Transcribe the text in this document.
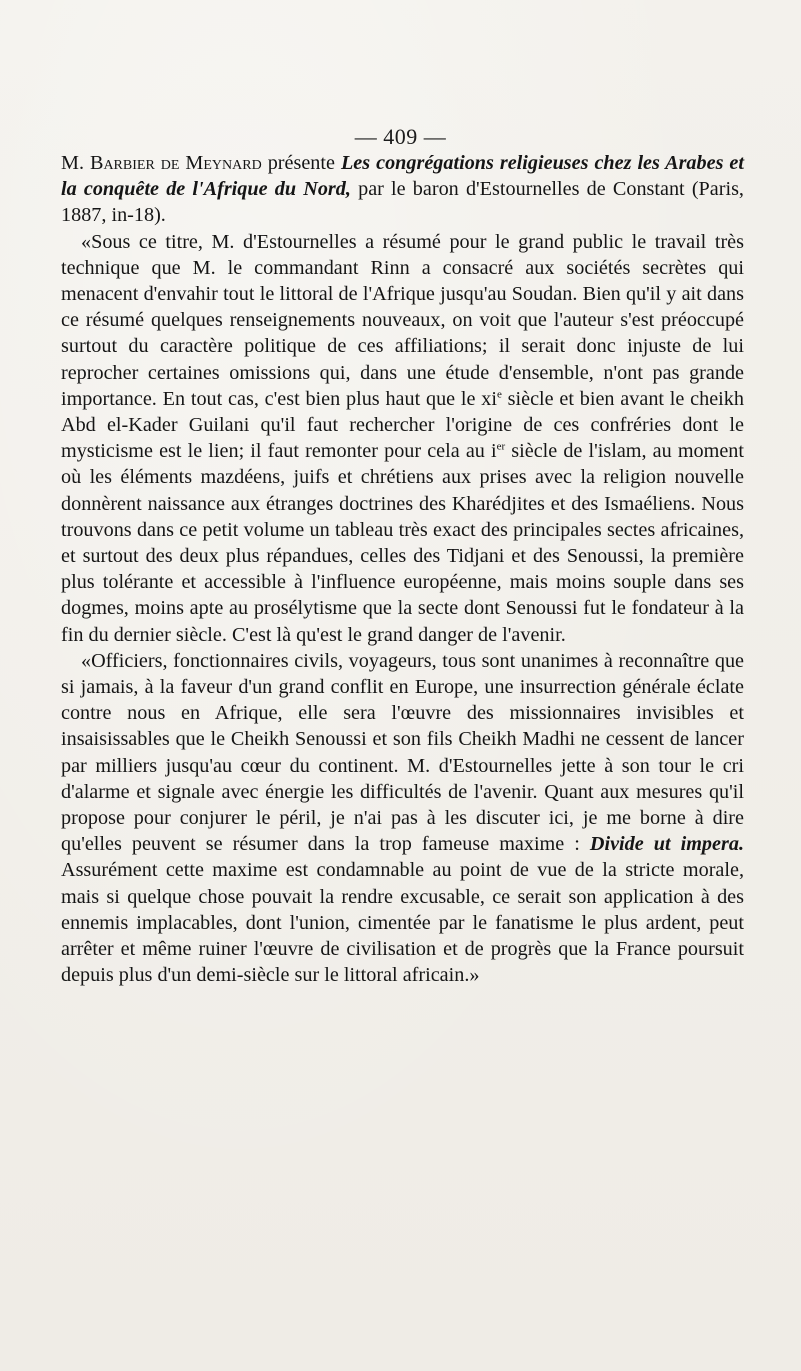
— 409 —

M. Barbier de Meynard présente Les congrégations religieuses chez les Arabes et la conquête de l'Afrique du Nord, par le baron d'Estournelles de Constant (Paris, 1887, in-18).

«Sous ce titre, M. d'Estournelles a résumé pour le grand public le travail très technique que M. le commandant Rinn a consacré aux sociétés secrètes qui menacent d'envahir tout le littoral de l'Afrique jusqu'au Soudan. Bien qu'il y ait dans ce résumé quelques renseignements nouveaux, on voit que l'auteur s'est préoccupé surtout du caractère politique de ces affiliations; il serait donc injuste de lui reprocher certaines omissions qui, dans une étude d'ensemble, n'ont pas grande importance. En tout cas, c'est bien plus haut que le $xi^e$ siècle et bien avant le cheikh Abd el-Kader Guilani qu'il faut rechercher l'origine de ces confréries dont le mysticisme est le lien; il faut remonter pour cela au $i^{er}$ siècle de l'islam, au moment où les éléments mazdéens, juifs et chrétiens aux prises avec la religion nouvelle donnèrent naissance aux étranges doctrines des Kharédjites et des Ismaéliens. Nous trouvons dans ce petit volume un tableau très exact des principales sectes africaines, et surtout des deux plus répandues, celles des Tidjani et des Senoussi, la première plus tolérante et accessible à l'influence européenne, mais moins souple dans ses dogmes, moins apte au prosélytisme que la secte dont Senoussi fut le fondateur à la fin du dernier siècle. C'est là qu'est le grand danger de l'avenir.

«Officiers, fonctionnaires civils, voyageurs, tous sont unanimes à reconnaître que si jamais, à la faveur d'un grand conflit en Europe, une insurrection générale éclate contre nous en Afrique, elle sera l'œuvre des missionnaires invisibles et insaisissables que le Cheikh Senoussi et son fils Cheikh Madhi ne cessent de lancer par milliers jusqu'au cœur du continent. M. d'Estournelles jette à son tour le cri d'alarme et signale avec énergie les difficultés de l'avenir. Quant aux mesures qu'il propose pour conjurer le péril, je n'ai pas à les discuter ici, je me borne à dire qu'elles peuvent se résumer dans la trop fameuse maxime : Divide ut impera. Assurément cette maxime est condamnable au point de vue de la stricte morale, mais si quelque chose pouvait la rendre excusable, ce serait son application à des ennemis implacables, dont l'union, cimentée par le fanatisme le plus ardent, peut arrêter et même ruiner l'œuvre de civilisation et de progrès que la France poursuit depuis plus d'un demi-siècle sur le littoral africain.»
